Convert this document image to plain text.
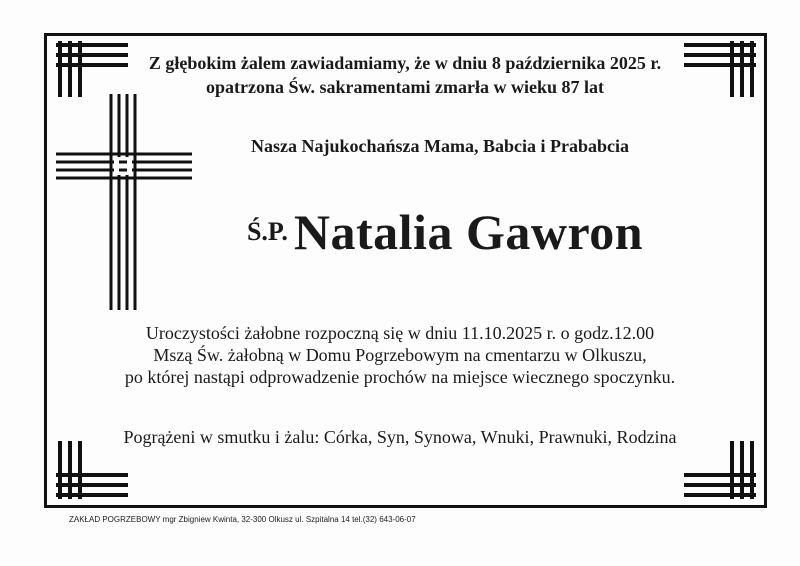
Z głębokim żalem zawiadamiamy, że w dniu 8 października 2025 r.
opatrzona Św. sakramentami zmarła w wieku 87 lat
Nasza Najukochańsza Mama, Babcia i Prababcia
Ś.P. Natalia Gawron
Uroczystości żałobne rozpoczną się w dniu 11.10.2025 r. o godz.12.00
Mszą Św. żałobną w Domu Pogrzebowym na cmentarzu w Olkuszu,
po której nastąpi odprowadzenie prochów na miejsce wiecznego spoczynku.
Pogrążeni w smutku i żalu: Córka, Syn, Synowa, Wnuki, Prawnuki, Rodzina
ZAKŁAD POGRZEBOWY mgr Zbigniew Kwinta, 32-300 Olkusz ul. Szpitalna 14 tel.(32) 643-06-07
